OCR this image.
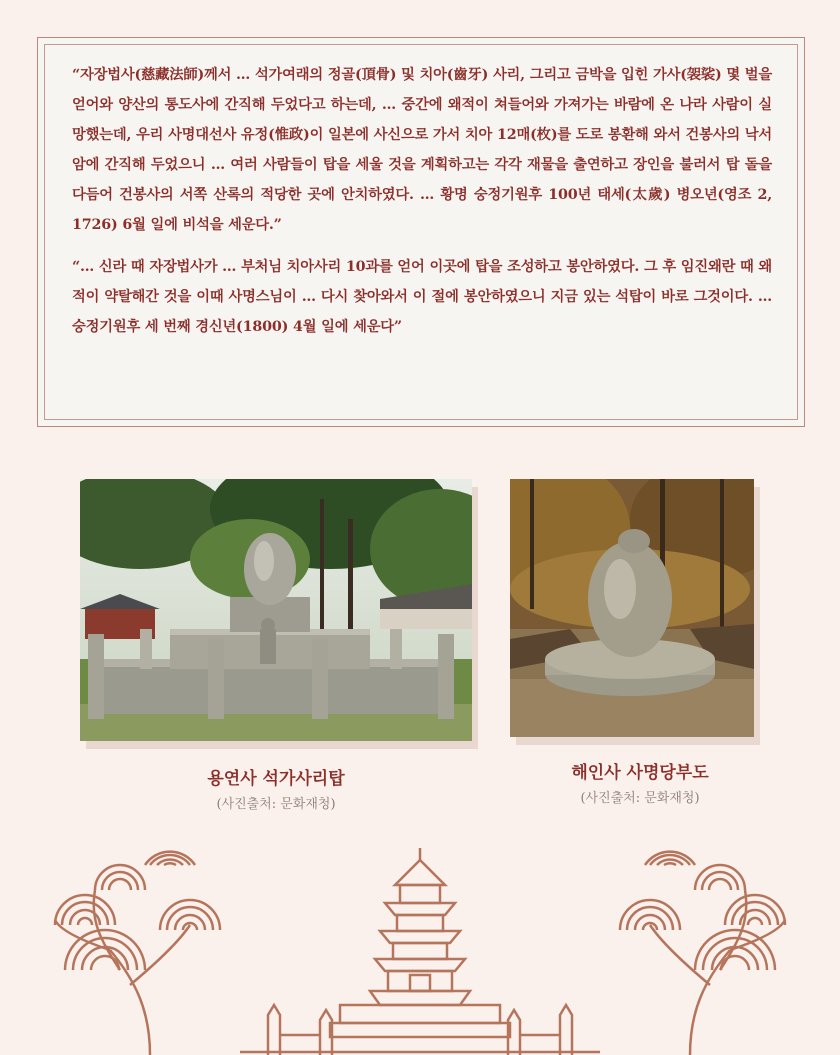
“자장법사(慈藏法師)께서 … 석가여래의 정골(頂骨) 및 치아(齒牙) 사리, 그리고 금박을 입힌 가사(袈裟) 몇 벌을 얻어와 양산의 통도사에 간직해 두었다고 하는데, … 중간에 왜적이 쳐들어와 가져가는 바람에 온 나라 사람이 실망했는데, 우리 사명대선사 유정(惟政)이 일본에 사신으로 가서 치아 12매(枚)를 도로 봉환해 와서 건봉사의 낙서암에 간직해 두었으니 … 여러 사람들이 탑을 세울 것을 계획하고는 각각 재물을 출연하고 장인을 불러서 탑 돌을 다듬어 건봉사의 서쪽 산록의 적당한 곳에 안치하였다. … 황명 숭정기원후 100년 태세(太歲) 병오년(영조 2, 1726) 6월 일에 비석을 세운다.”

“… 신라 때 자장법사가 … 부처님 치아사리 10과를 얻어 이곳에 탑을 조성하고 봉안하였다. 그 후 임진왜란 때 왜적이 약탈해간 것을 이때 사명스님이 … 다시 찾아와서 이 절에 봉안하였으니 지금 있는 석탑이 바로 그것이다. … 숭정기원후 세 번째 경신년(1800) 4월 일에 세운다”

용연사 석가사리탑
(사진출처: 문화재청)
해인사 사명당부도
(사진출처: 문화재청)
